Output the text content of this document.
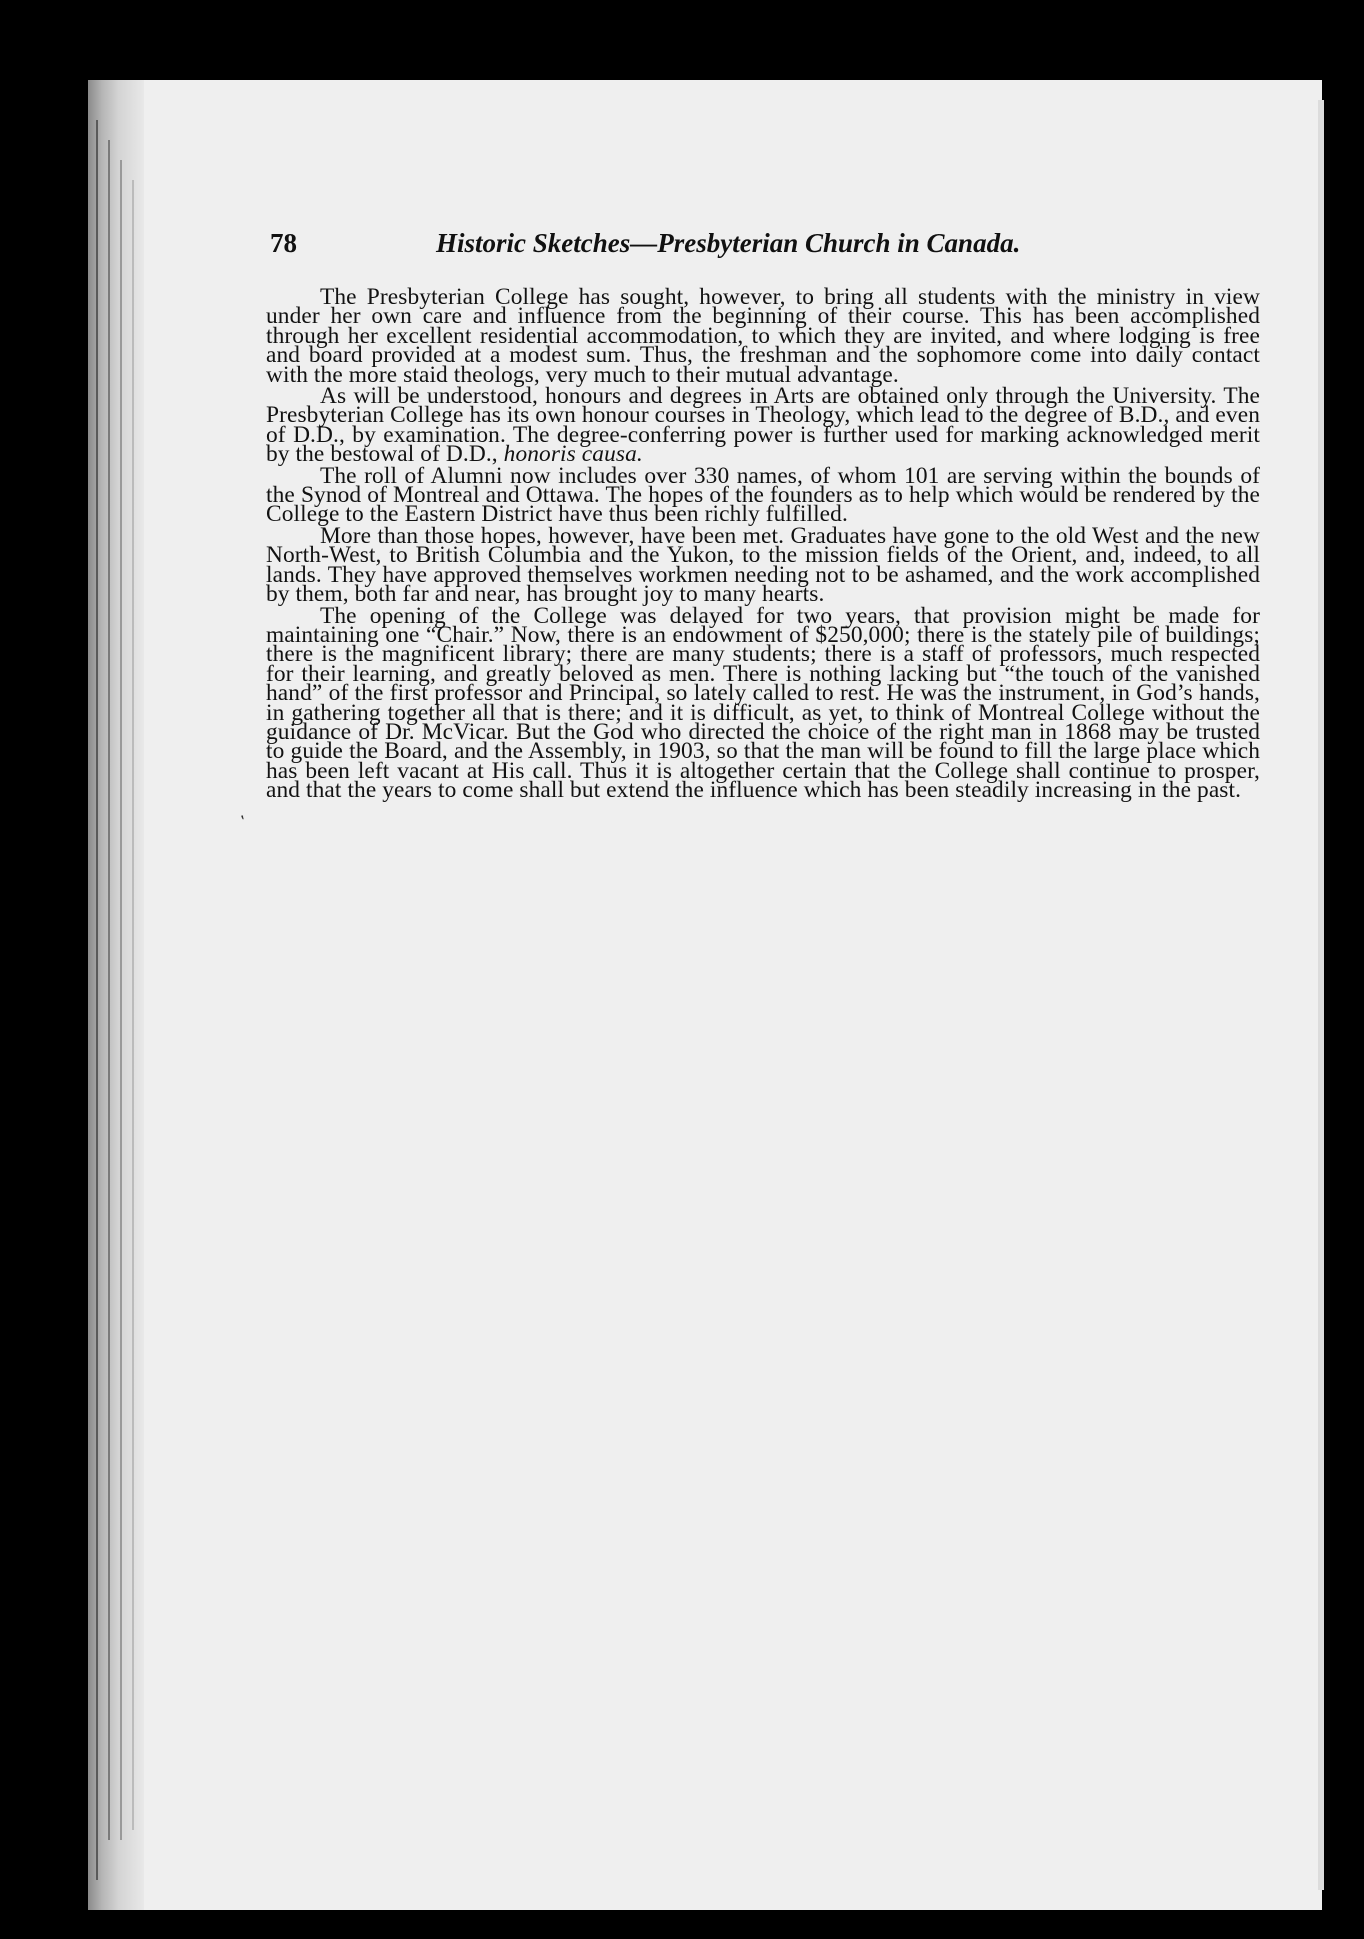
78	Historic Sketches—Presbyterian Church in Canada.
‛

The Presbyterian College has sought, however, to bring all students with the ministry in view under her own care and influence from the beginning of their course. This has been accomplished through her excellent residential accommodation, to which they are invited, and where lodging is free and board provided at a modest sum. Thus, the freshman and the sophomore come into daily contact with the more staid theologs, very much to their mutual advantage.

As will be understood, honours and degrees in Arts are obtained only through the University. The Presbyterian College has its own honour courses in Theology, which lead to the degree of B.D., and even of D.D., by examination. The degree-conferring power is further used for marking acknowledged merit by the bestowal of D.D., honoris causa.

The roll of Alumni now includes over 330 names, of whom 101 are serving within the bounds of the Synod of Montreal and Ottawa. The hopes of the founders as to help which would be rendered by the College to the Eastern District have thus been richly fulfilled.

More than those hopes, however, have been met. Graduates have gone to the old West and the new North-West, to British Columbia and the Yukon, to the mission fields of the Orient, and, indeed, to all lands. They have approved themselves workmen needing not to be ashamed, and the work accomplished by them, both far and near, has brought joy to many hearts.

The opening of the College was delayed for two years, that provision might be made for maintaining one “Chair.” Now, there is an endowment of $250,000; there is the stately pile of buildings; there is the magnificent library; there are many students; there is a staff of professors, much respected for their learning, and greatly beloved as men. There is nothing lacking but “the touch of the vanished hand” of the first professor and Principal, so lately called to rest. He was the instrument, in God’s hands, in gathering together all that is there; and it is difficult, as yet, to think of Montreal College without the guidance of Dr. McVicar. But the God who directed the choice of the right man in 1868 may be trusted to guide the Board, and the Assembly, in 1903, so that the man will be found to fill the large place which has been left vacant at His call. Thus it is altogether certain that the College shall continue to prosper, and that the years to come shall but extend the influence which has been steadily increasing in the past.
